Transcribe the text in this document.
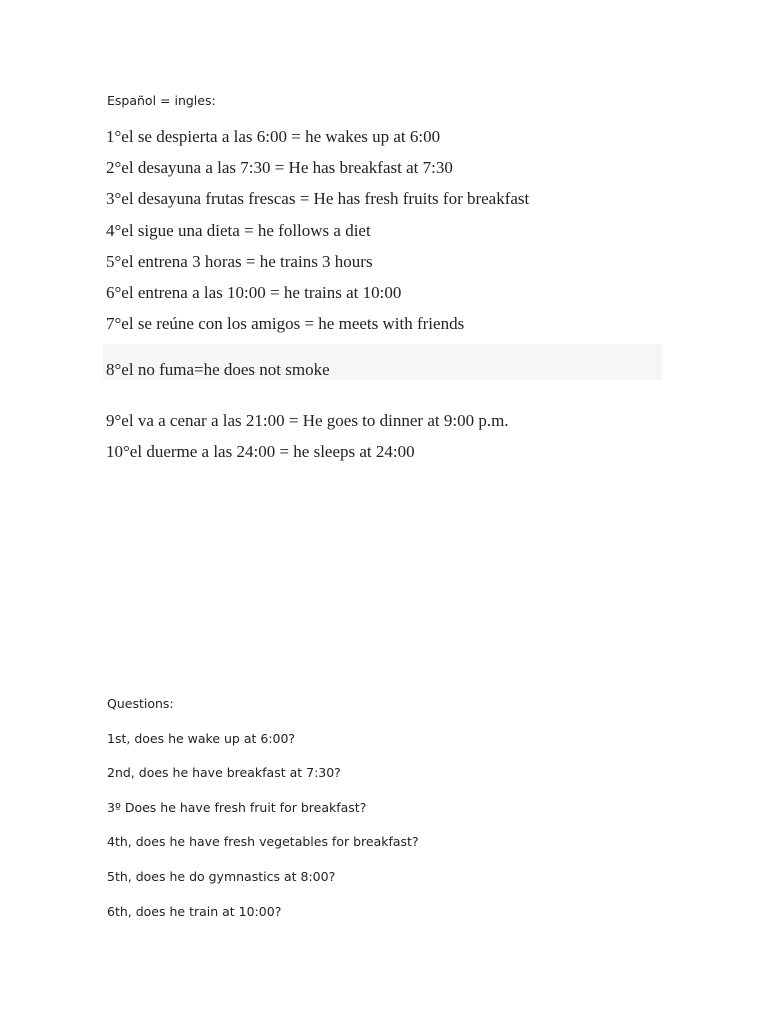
Español = ingles:
1°el se despierta a las 6:00 = he wakes up at 6:00
2°el desayuna a las 7:30 = He has breakfast at 7:30
3°el desayuna frutas frescas = He has fresh fruits for breakfast
4°el sigue una dieta = he follows a diet
5°el entrena 3 horas = he trains 3 hours
6°el entrena a las 10:00 = he trains at 10:00
7°el se reúne con los amigos = he meets with friends
8°el no fuma=he does not smoke
9°el va a cenar a las 21:00 = He goes to dinner at 9:00 p.m.
10°el duerme a las 24:00 = he sleeps at 24:00
Questions:
1st, does he wake up at 6:00?
2nd, does he have breakfast at 7:30?
3º Does he have fresh fruit for breakfast?
4th, does he have fresh vegetables for breakfast?
5th, does he do gymnastics at 8:00?
6th, does he train at 10:00?
